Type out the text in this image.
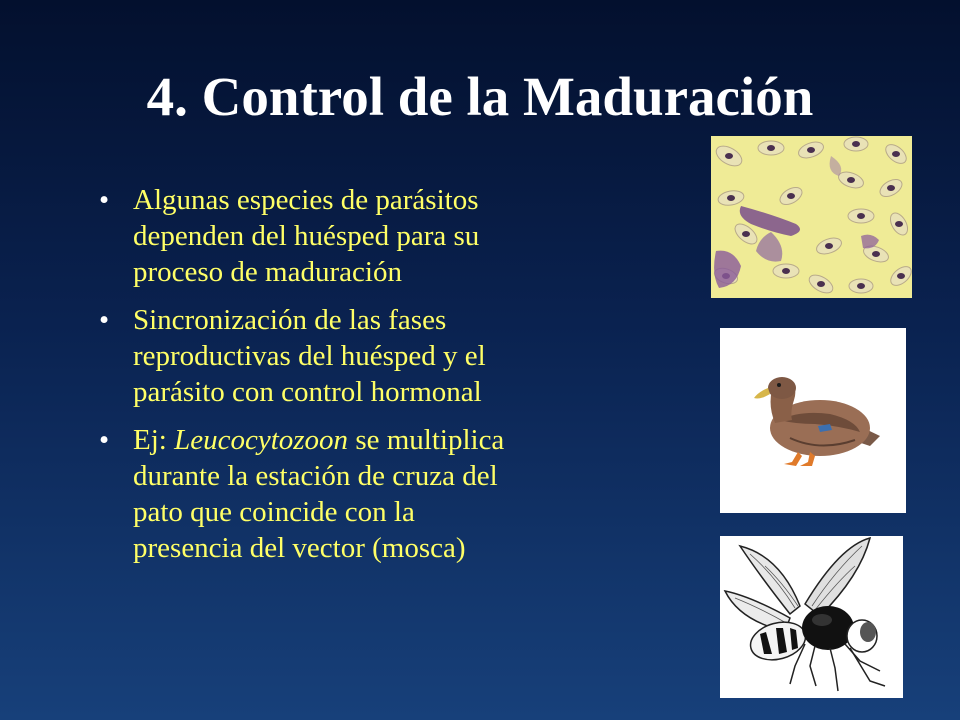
4. Control de la Maduración
• Algunas especies de parásitos
dependen del huésped para su
proceso de maduración
• Sincronización de las fases
reproductivas del huésped y el
parásito con control hormonal
• Ej: Leucocytozoon se multiplica
durante la estación de cruza del
pato que coincide con la
presencia del vector (mosca)
